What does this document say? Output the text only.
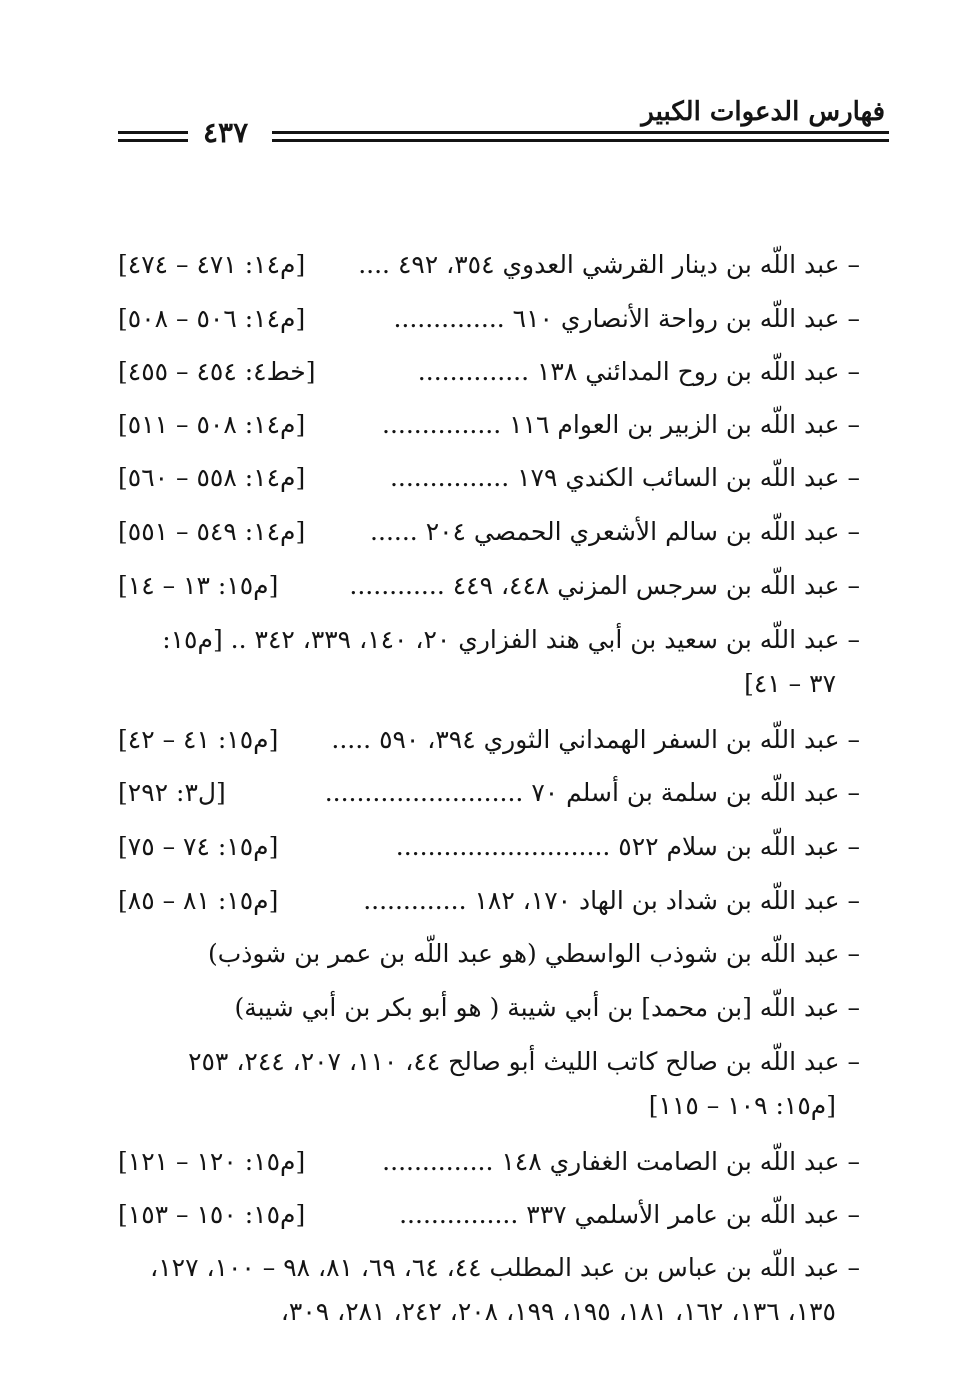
فهارس الدعوات الكبير
٤٣٧
– عبد اللّه بن دينار القرشي العدوي ٣٥٤، ٤٩٢ ....
[م١٤: ٤٧١ – ٤٧٤]
– عبد اللّه بن رواحة الأنصاري ٦١٠ ..............
[م١٤: ٥٠٦ – ٥٠٨]
– عبد اللّه بن روح المدائني ١٣٨ ..............
[خط٤: ٤٥٤ – ٤٥٥]
– عبد اللّه بن الزبير بن العوام ١١٦ ...............
[م١٤: ٥٠٨ – ٥١١]
– عبد اللّه بن السائب الكندي ١٧٩ ...............
[م١٤: ٥٥٨ – ٥٦٠]
– عبد اللّه بن سالم الأشعري الحمصي ٢٠٤ ......
[م١٤: ٥٤٩ – ٥٥١]
– عبد اللّه بن سرجس المزني ٤٤٨، ٤٤٩ ............
[م١٥: ١٣ – ١٤]
– عبد اللّه بن سعيد بن أبي هند الفزاري ٢٠، ١٤٠، ٣٣٩، ٣٤٢ .. [م١٥:
٣٧ – ٤١]
– عبد اللّه بن السفر الهمداني الثوري ٣٩٤، ٥٩٠ .....
[م١٥: ٤١ – ٤٢]
– عبد اللّه بن سلمة بن أسلم ٧٠ .........................
[ل٣: ٢٩٢]
– عبد اللّه بن سلام ٥٢٢ ...........................
[م١٥: ٧٤ – ٧٥]
– عبد اللّه بن شداد بن الهاد ١٧٠، ١٨٢ .............
[م١٥: ٨١ – ٨٥]
– عبد اللّه بن شوذب الواسطي (هو عبد اللّه بن عمر بن شوذب)
– عبد اللّه [بن محمد] بن أبي شيبة ( هو أبو بكر بن أبي شيبة)
– عبد اللّه بن صالح كاتب الليث أبو صالح ٤٤، ١١٠، ٢٠٧، ٢٤٤، ٢٥٣
[م١٥: ١٠٩ – ١١٥]
– عبد اللّه بن الصامت الغفاري ١٤٨ ..............
[م١٥: ١٢٠ – ١٢١]
– عبد اللّه بن عامر الأسلمي ٣٣٧ ...............
[م١٥: ١٥٠ – ١٥٣]
– عبد اللّه بن عباس بن عبد المطلب ٤٤، ٦٤، ٦٩، ٨١، ٩٨ – ١٠٠، ١٢٧،
١٣٥، ١٣٦، ١٦٢، ١٨١، ١٩٥، ١٩٩، ٢٠٨، ٢٤٢، ٢٨١، ٣٠٩،
